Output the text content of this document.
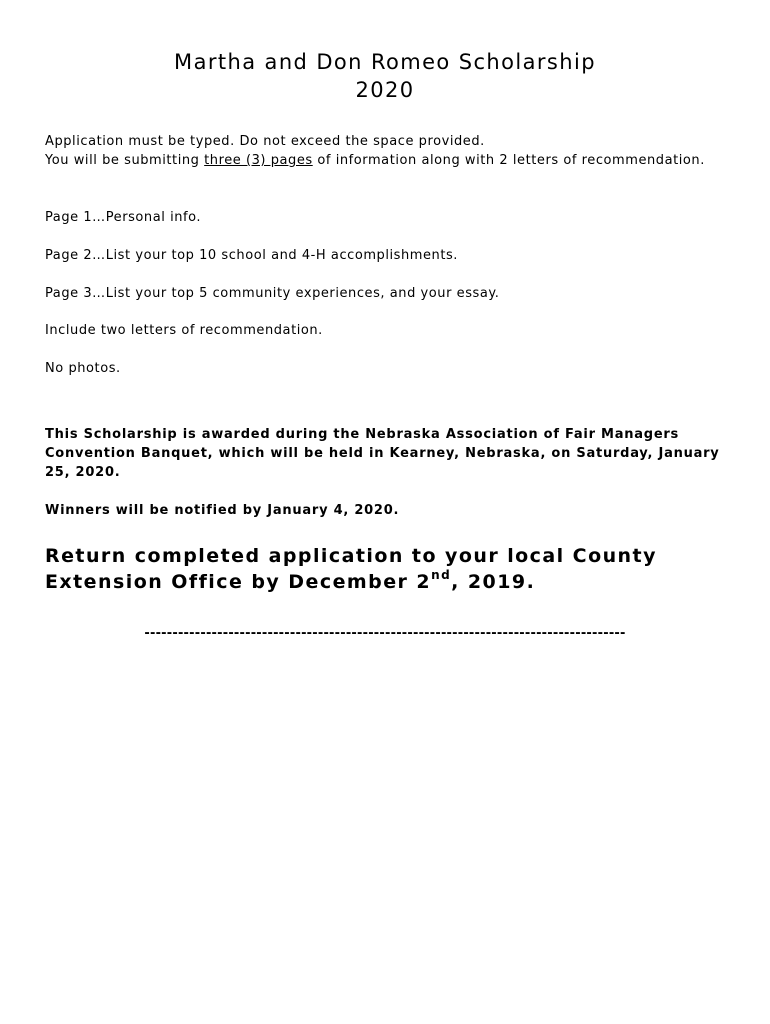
Martha and Don Romeo Scholarship
2020

Application must be typed. Do not exceed the space provided.
You will be submitting three (3) pages of information along with 2 letters of recommendation.

Page 1…Personal info.

Page 2…List your top 10 school and 4-H accomplishments.

Page 3…List your top 5 community experiences, and your essay.

Include two letters of recommendation.

No photos.

This Scholarship is awarded during the Nebraska Association of Fair Managers Convention Banquet, which will be held in Kearney, Nebraska, on Saturday, January 25, 2020.

Winners will be notified by January 4, 2020.

Return completed application to your local County Extension Office by December 2nd, 2019.

--------------------------------------------------------------------------------------
